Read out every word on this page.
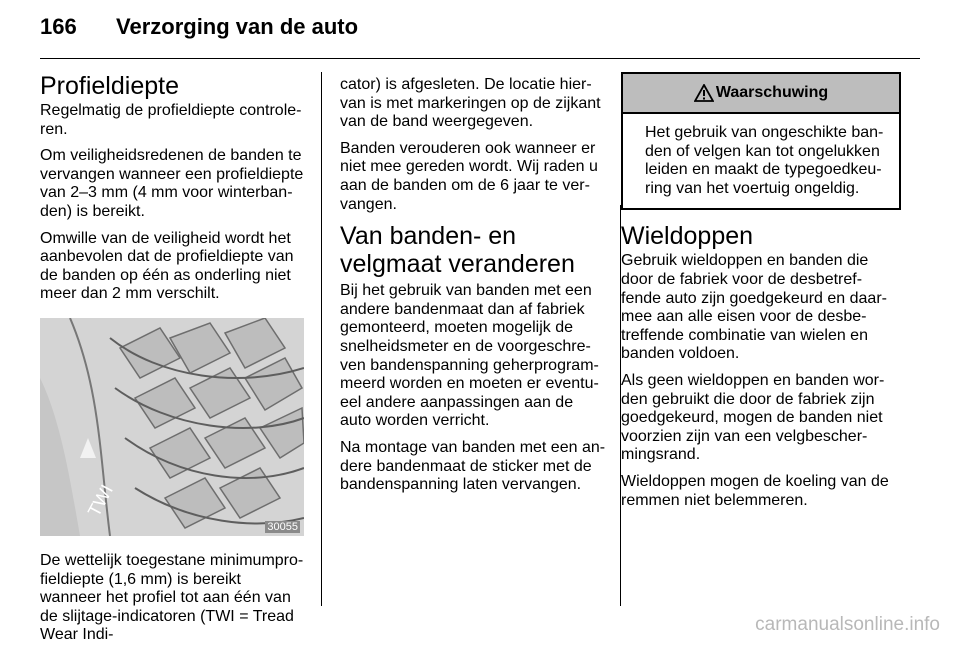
166	Verzorging van de auto
Profieldiepte

Regelmatig de profieldiepte controle-ren.

Om veiligheidsredenen de banden te vervangen wanneer een profieldiepte van 2–3 mm (4 mm voor winterban-den) is bereikt.

Omwille van de veiligheid wordt het aanbevolen dat de profieldiepte van de banden op één as onderling niet meer dan 2 mm verschilt.

TWI
30055

De wettelijk toegestane minimumpro-fieldiepte (1,6 mm) is bereikt wanneer het profiel tot aan één van de slijtage-indicatoren (TWI = Tread Wear Indi-

cator) is afgesleten. De locatie hier-van is met markeringen op de zijkant van de band weergegeven.

Banden verouderen ook wanneer er niet mee gereden wordt. Wij raden u aan de banden om de 6 jaar te ver-vangen.

Van banden- en velgmaat veranderen

Bij het gebruik van banden met een andere bandenmaat dan af fabriek gemonteerd, moeten mogelijk de snelheidsmeter en de voorgeschre-ven bandenspanning geherprogram-meerd worden en moeten er eventu-eel andere aanpassingen aan de auto worden verricht.

Na montage van banden met een an-dere bandenmaat de sticker met de bandenspanning laten vervangen.

Waarschuwing
Het gebruik van ongeschikte ban-den of velgen kan tot ongelukken leiden en maakt de typegoedkeu-ring van het voertuig ongeldig.
Wieldoppen

Gebruik wieldoppen en banden die door de fabriek voor de desbetref-fende auto zijn goedgekeurd en daar-mee aan alle eisen voor de desbe-treffende combinatie van wielen en banden voldoen.

Als geen wieldoppen en banden wor-den gebruikt die door de fabriek zijn goedgekeurd, mogen de banden niet voorzien zijn van een velgbescher-mingsrand.

Wieldoppen mogen de koeling van de remmen niet belemmeren.

carmanualsonline.info
